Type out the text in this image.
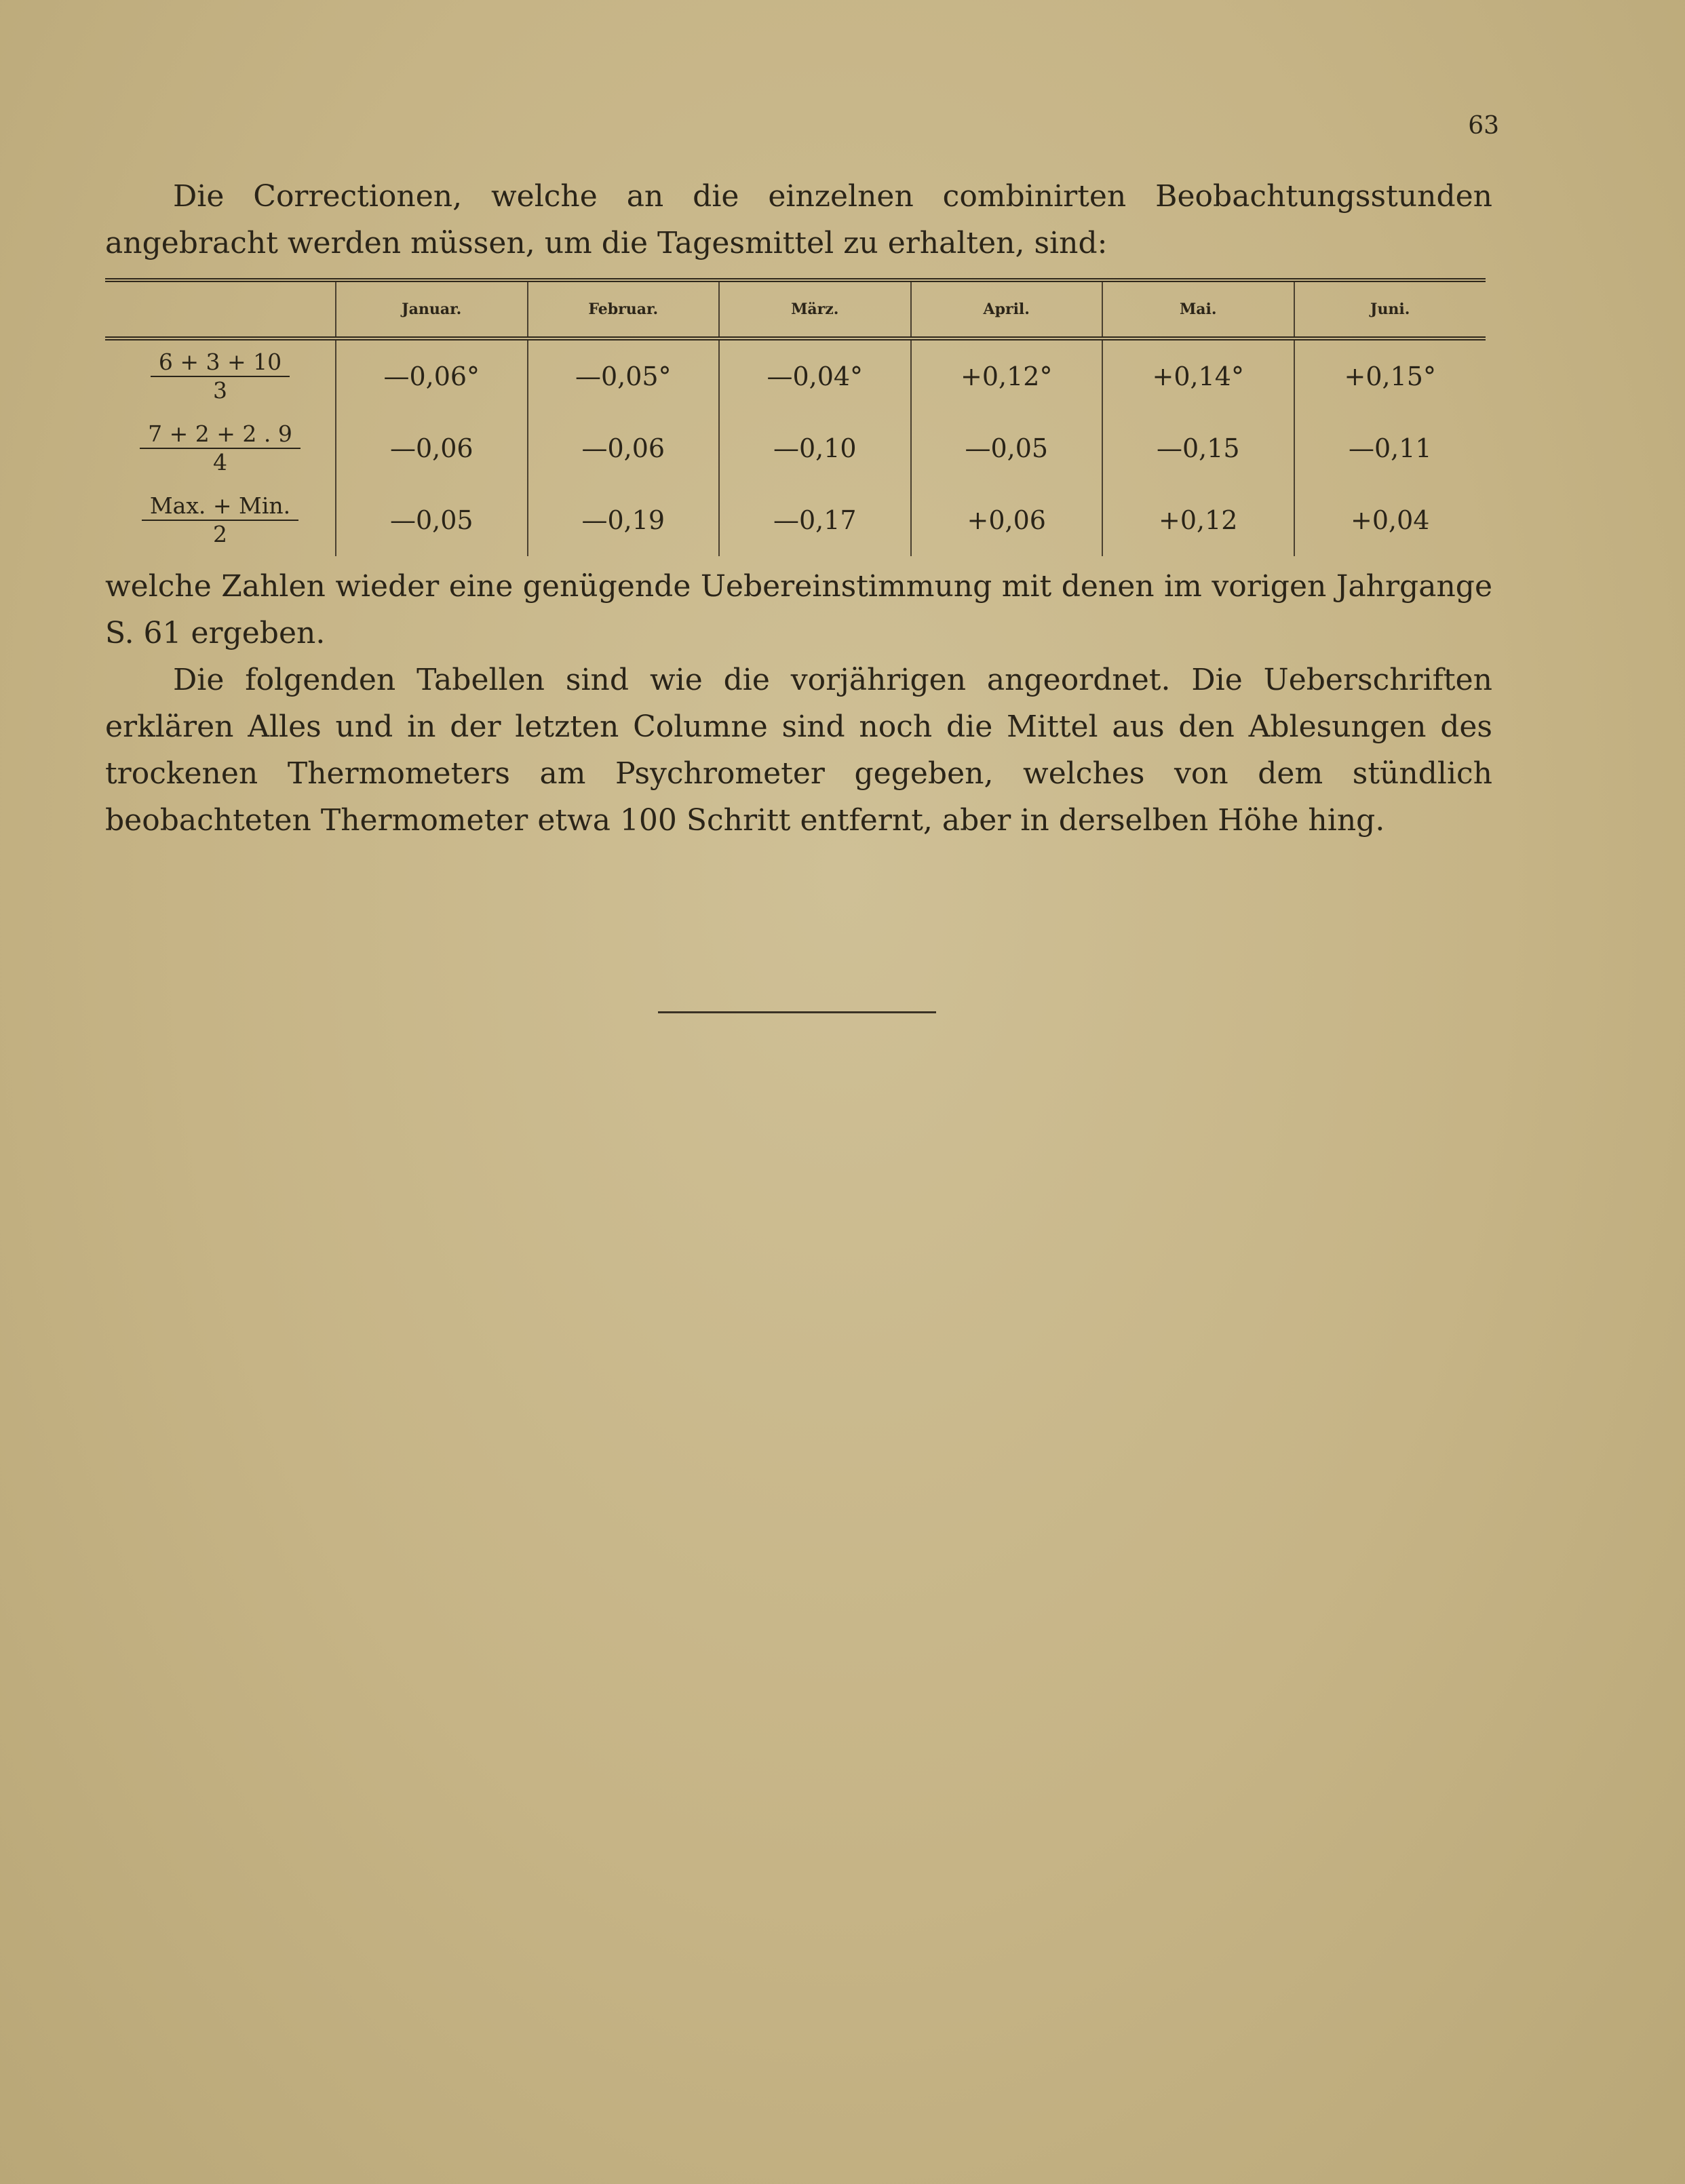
63

Die Correctionen, welche an die einzelnen combinirten Beobachtungsstunden angebracht werden müssen, um die Tagesmittel zu erhalten, sind:

	Januar.	Februar.	März.	April.	Mai.	Juni.

6 + 3 + 10
3	—0,06°	—0,05°	—0,04°	+0,12°	+0,14°	+0,15°

7 + 2 + 2 . 9
4	—0,06	—0,06	—0,10	—0,05	—0,15	—0,11

Max. + Min.
2	—0,05	—0,19	—0,17	+0,06	+0,12	+0,04

welche Zahlen wieder eine genügende Uebereinstimmung mit denen im vorigen Jahrgange S. 61 ergeben.

Die folgenden Tabellen sind wie die vorjährigen angeordnet. Die Ueberschriften erklären Alles und in der letzten Columne sind noch die Mittel aus den Ablesungen des trockenen Thermometers am Psychrometer gegeben, welches von dem stündlich beobachteten Thermometer etwa 100 Schritt entfernt, aber in derselben Höhe hing.
